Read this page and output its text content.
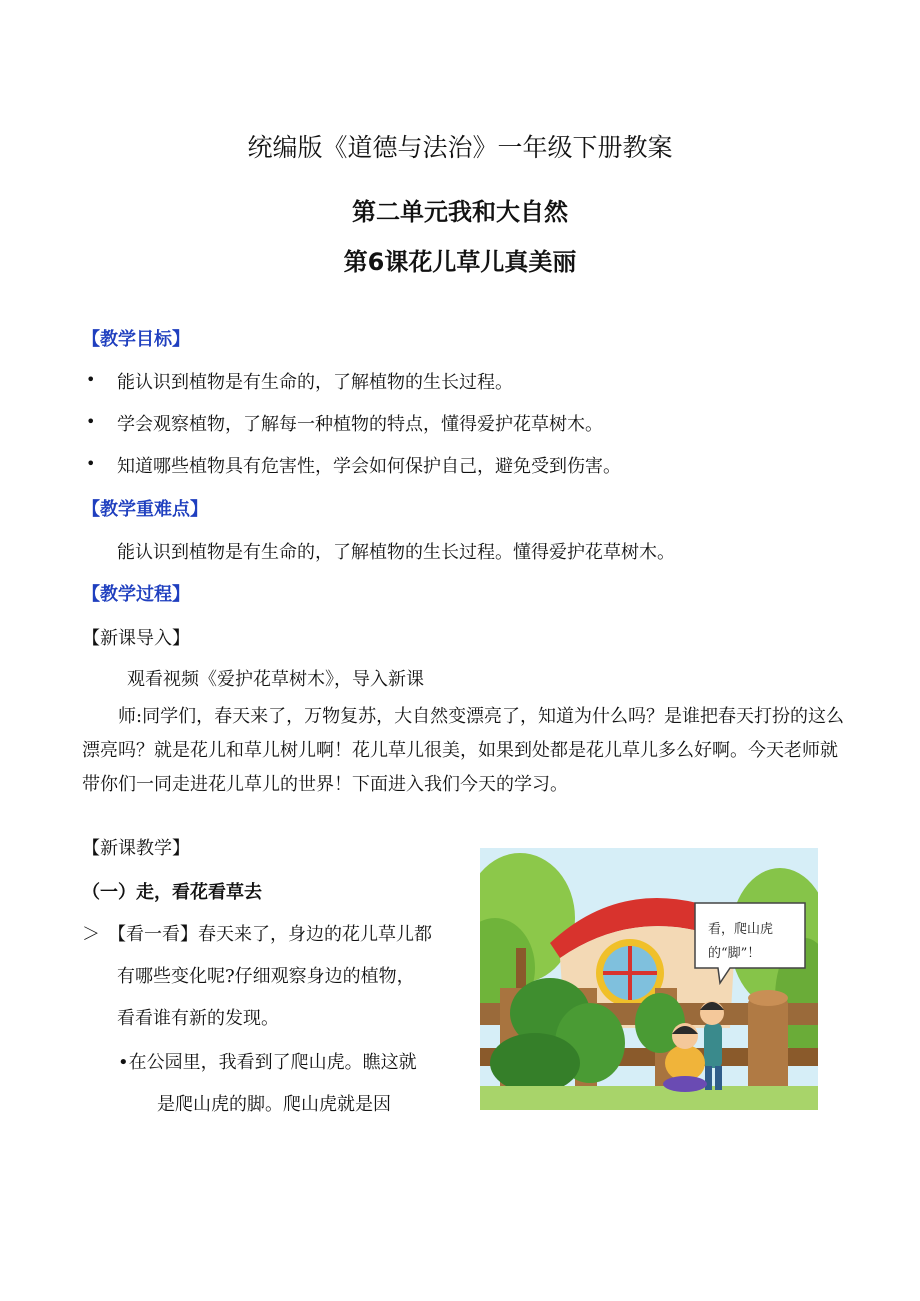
统编版《道德与法治》一年级下册教案
第二单元我和大自然
第6课花儿草儿真美丽
【教学目标】
• 能认识到植物是有生命的，了解植物的生长过程。
• 学会观察植物，了解每一种植物的特点，懂得爱护花草树木。
• 知道哪些植物具有危害性，学会如何保护自己，避免受到伤害。
【教学重难点】
能认识到植物是有生命的，了解植物的生长过程。懂得爱护花草树木。
【教学过程】
【新课导入】
观看视频《爱护花草树木》，导入新课
师:同学们，春天来了，万物复苏，大自然变漂亮了，知道为什么吗？是谁把春天打扮的这么漂亮吗？就是花儿和草儿树儿啊！花儿草儿很美，如果到处都是花儿草儿多么好啊。今天老师就带你们一同走进花儿草儿的世界！下面进入我们今天的学习。
【新课教学】
（一）走，看花看草去
＞ 【看一看】春天来了，身边的花儿草儿都
有哪些变化呢?仔细观察身边的植物，
看看谁有新的发现。
•在公园里，我看到了爬山虎。瞧这就
是爬山虎的脚。爬山虎就是因
看，爬山虎
的“脚”！
